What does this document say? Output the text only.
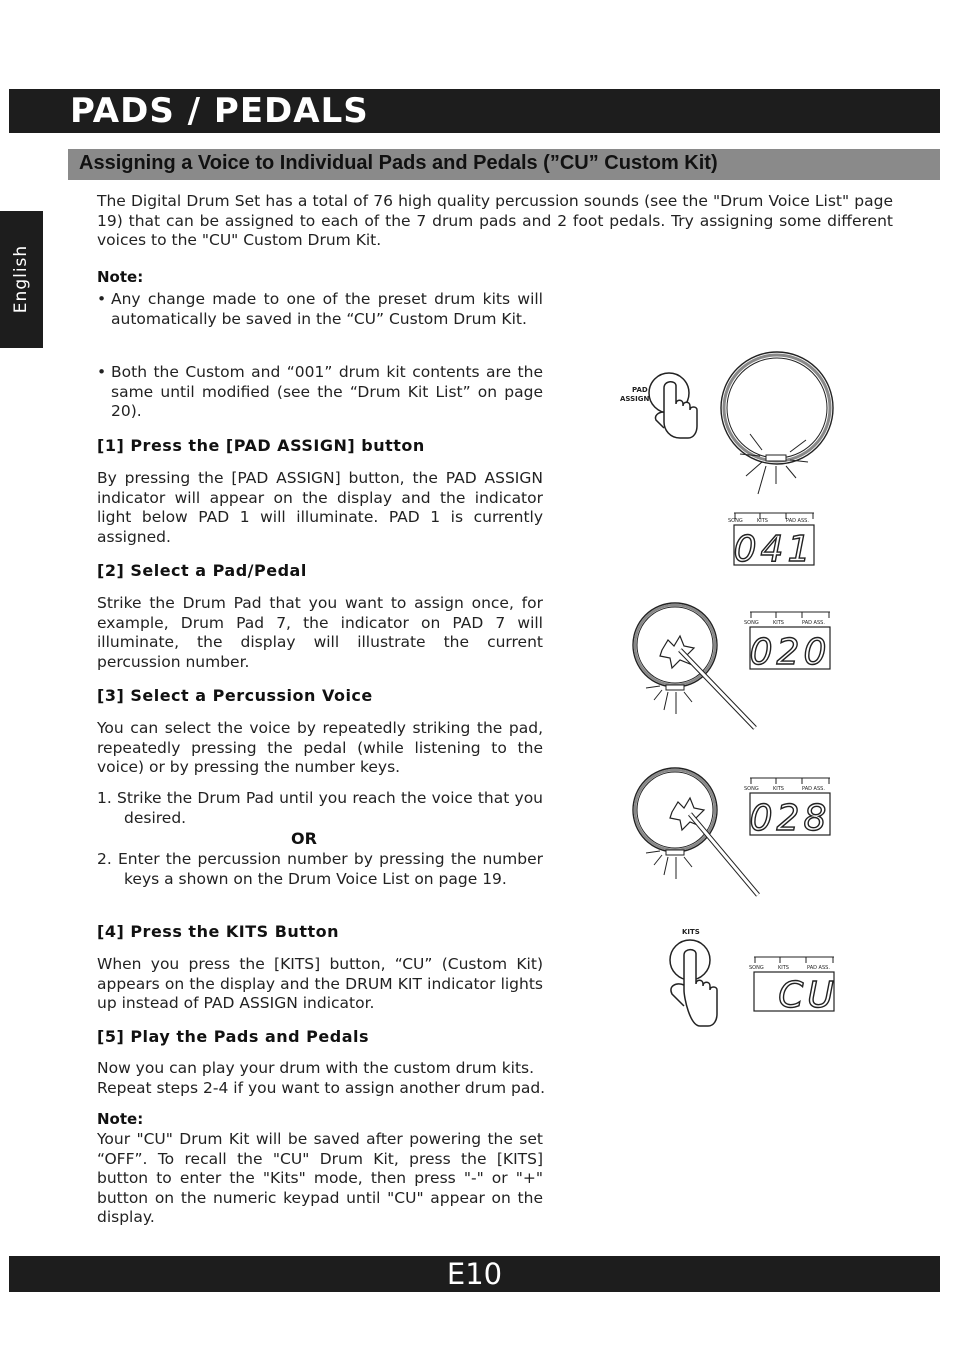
PADS / PEDALS
Assigning a Voice to Individual Pads and Pedals (”CU” Custom Kit)
English
The Digital Drum Set has a total of 76 high quality percussion sounds (see the "Drum Voice List" page 19) that can be assigned to each of the 7 drum pads and 2 foot pedals. Try assigning some different voices to the "CU" Custom Drum Kit.
Note:
• Any change made to one of the preset drum kits will automatically be saved in the “CU” Custom Drum Kit.
• Both the Custom and “001” drum kit contents are the same until modified (see the “Drum Kit List” on page 20).
[1] Press the [PAD ASSIGN] button
By pressing the [PAD ASSIGN] button, the PAD ASSIGN indicator will appear on the display and the indicator light below PAD 1 will illuminate. PAD 1 is currently assigned.
[2] Select a Pad/Pedal
Strike the Drum Pad that you want to assign once, for example, Drum Pad 7, the indicator on PAD 7 will illuminate, the display will illustrate the current percussion number.
[3] Select a Percussion Voice
You can select the voice by repeatedly striking the pad, repeatedly pressing the pedal (while listening to the voice) or by pressing the number keys.
1. Strike the Drum Pad until you reach the voice that you desired.
OR
2. Enter the percussion number by pressing the number keys a shown on the Drum Voice List on page 19.
[4] Press the KITS Button
When you press the [KITS] button, “CU” (Custom Kit) appears on the display and the DRUM KIT indicator lights up instead of PAD ASSIGN indicator.
[5] Play the Pads and Pedals
Now you can play your drum with the custom drum kits.
Repeat steps 2-4 if you want to assign another drum pad.
Note:
Your "CU" Drum Kit will be saved after powering the set “OFF”. To recall the "CU" Drum Kit, press the [KITS] button to enter the "Kits" mode, then press "-" or "+" button on the numeric keypad until "CU" appear on the display.
PAD
ASSIGN
SONG	KITS	PAD ASS.
041
SONG	KITS	PAD ASS.
020
SONG	KITS	PAD ASS.
028
KITS
SONG	KITS	PAD ASS.
CU
E10
